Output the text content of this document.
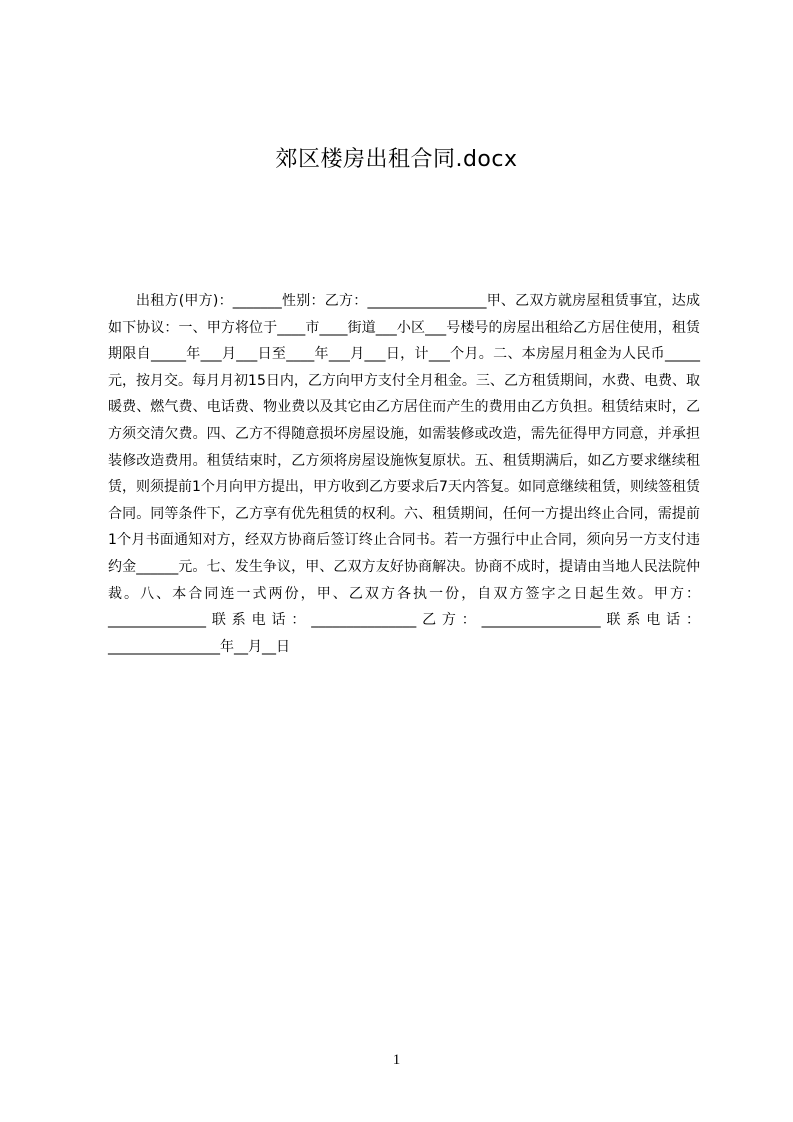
郊区楼房出租合同.docx

出租方(甲方)：_______性别：乙方：_________________甲、乙双方就房屋租赁事宜，达成如下协议：一、甲方将位于____市____街道___小区___号楼号的房屋出租给乙方居住使用，租赁期限自_____年___月___日至____年___月___日，计___个月。二、本房屋月租金为人民币_____元，按月交。每月月初15日内，乙方向甲方支付全月租金。三、乙方租赁期间，水费、电费、取暖费、燃气费、电话费、物业费以及其它由乙方居住而产生的费用由乙方负担。租赁结束时，乙方须交清欠费。四、乙方不得随意损坏房屋设施，如需装修或改造，需先征得甲方同意，并承担装修改造费用。租赁结束时，乙方须将房屋设施恢复原状。五、租赁期满后，如乙方要求继续租赁，则须提前1个月向甲方提出，甲方收到乙方要求后7天内答复。如同意继续租赁，则续签租赁合同。同等条件下，乙方享有优先租赁的权利。六、租赁期间，任何一方提出终止合同，需提前1个月书面通知对方，经双方协商后签订终止合同书。若一方强行中止合同，须向另一方支付违约金______元。七、发生争议，甲、乙双方友好协商解决。协商不成时，提请由当地人民法院仲裁。八、本合同连一式两份，甲、乙双方各执一份，自双方签字之日起生效。甲方：______________联系电话：_______________乙方：_________________联系电话：________________年__月__日

1
